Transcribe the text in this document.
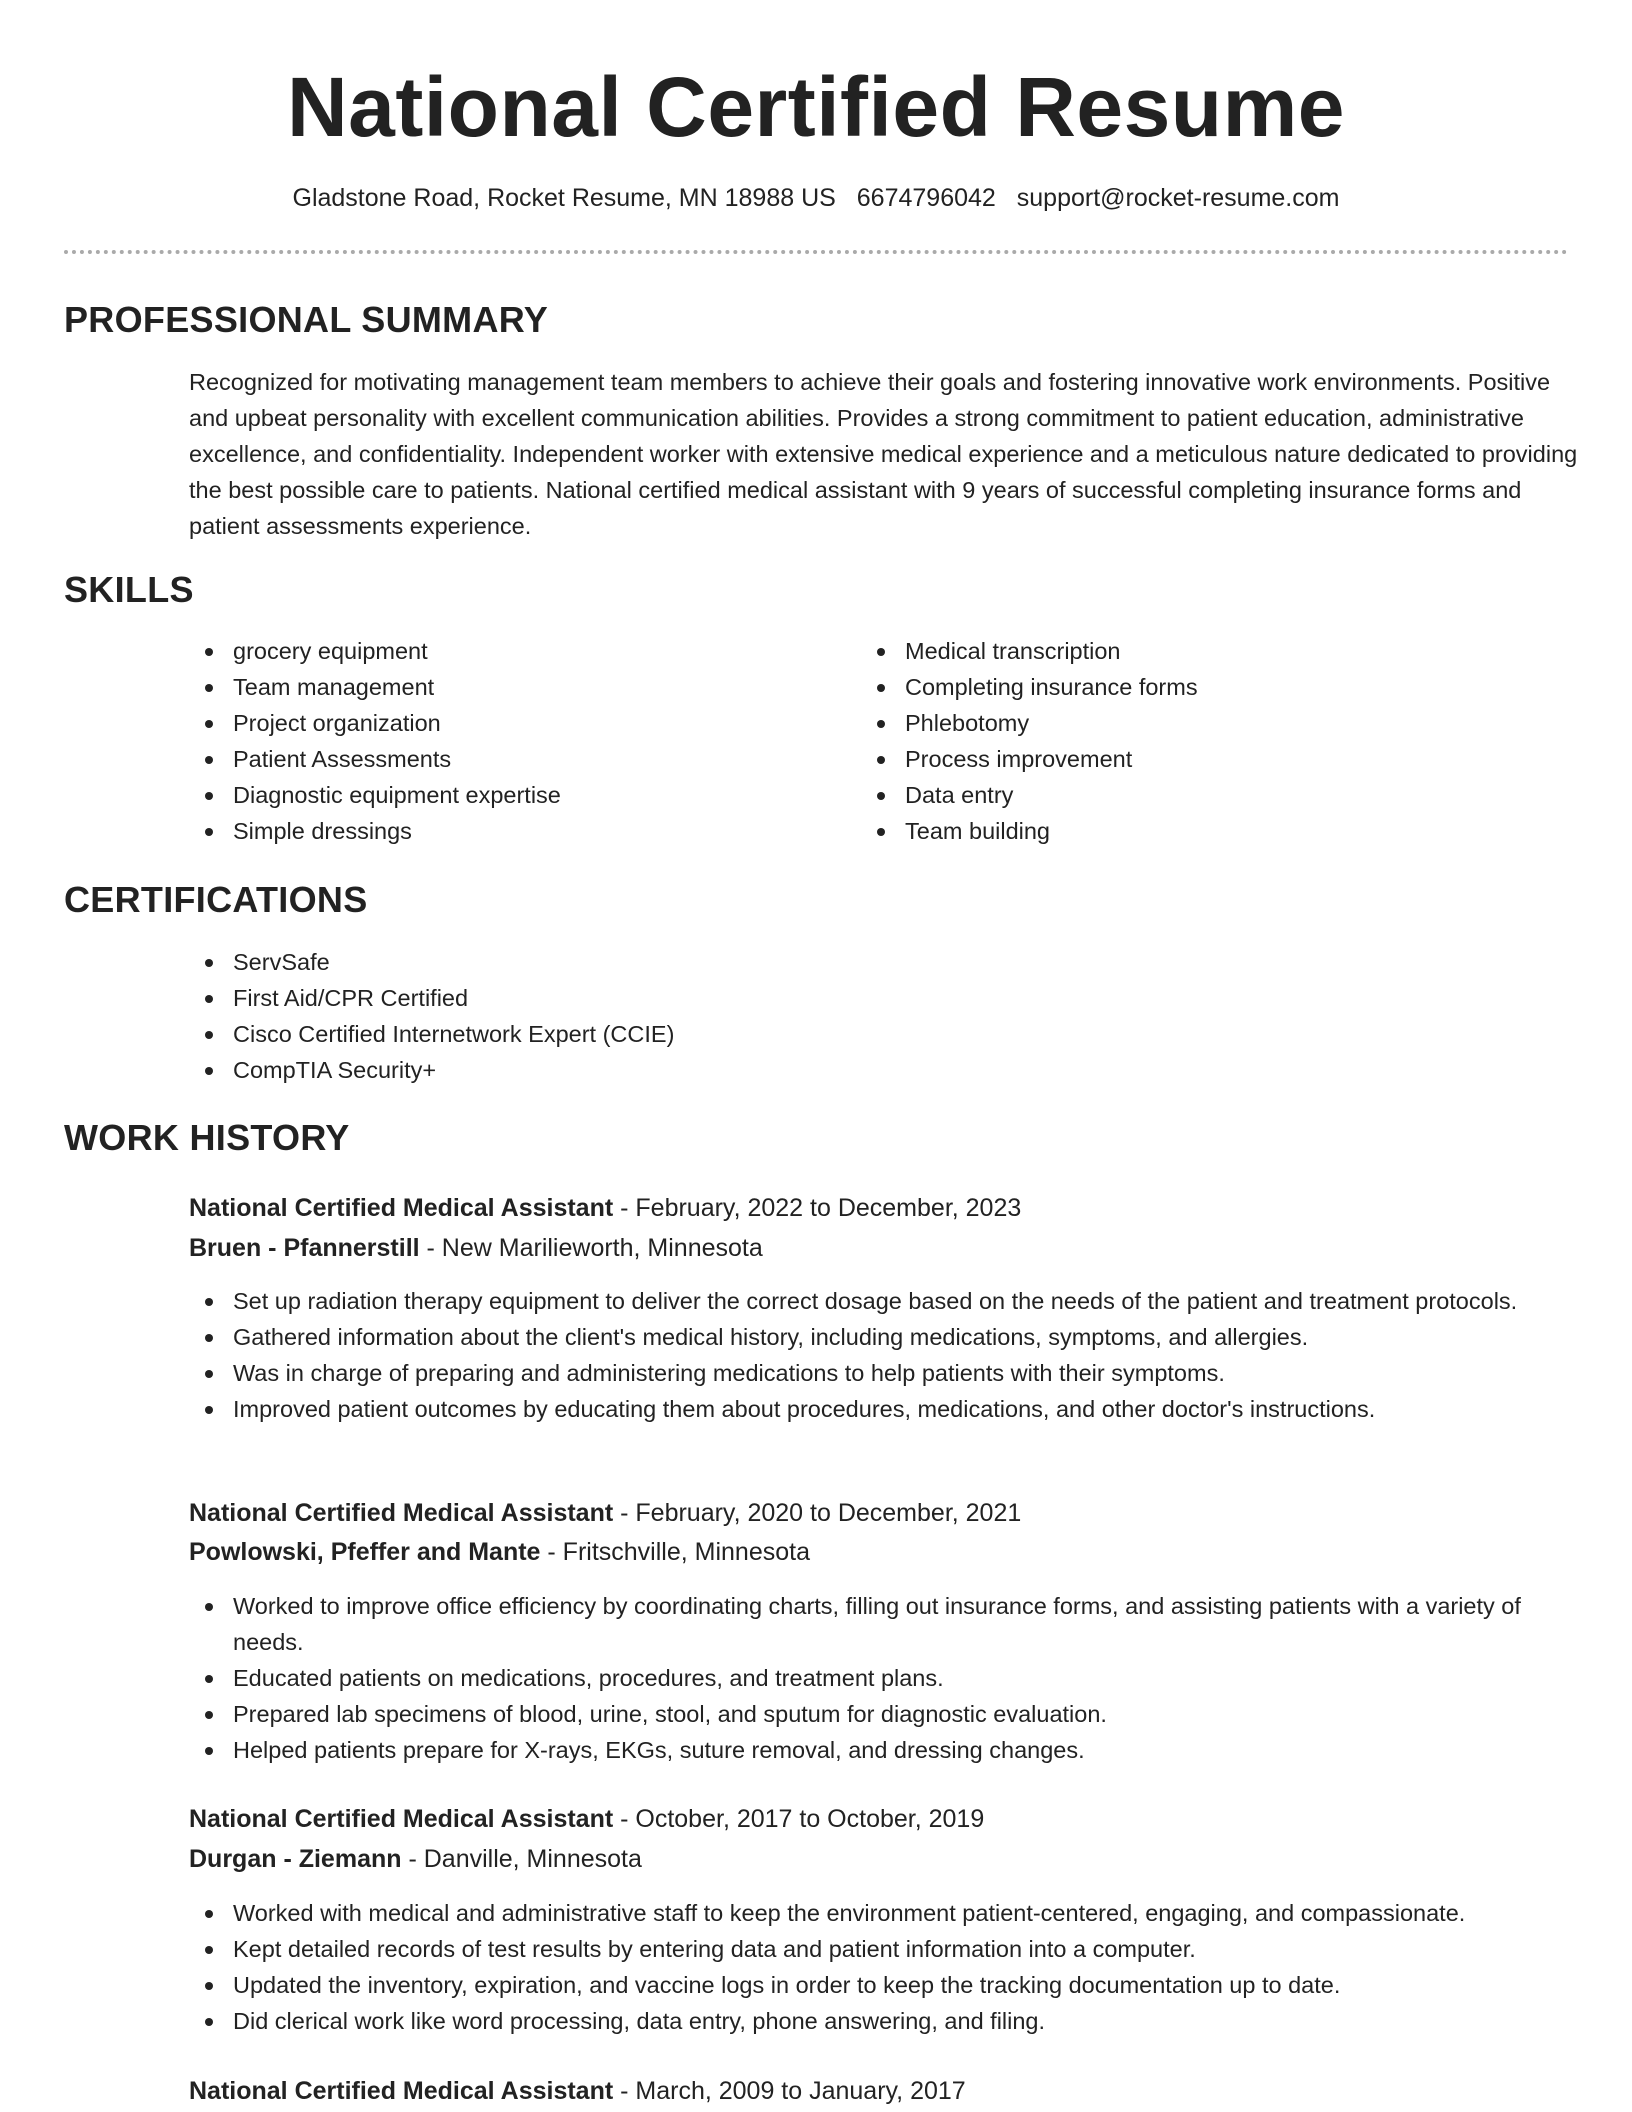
National Certified Resume
Gladstone Road, Rocket Resume, MN 18988 US 6674796042 support@rocket-resume.com
PROFESSIONAL SUMMARY
Recognized for motivating management team members to achieve their goals and fostering innovative work environments. Positive and upbeat personality with excellent communication abilities. Provides a strong commitment to patient education, administrative excellence, and confidentiality. Independent worker with extensive medical experience and a meticulous nature dedicated to providing the best possible care to patients. National certified medical assistant with 9 years of successful completing insurance forms and patient assessments experience.
SKILLS
grocery equipment
Team management
Project organization
Patient Assessments
Diagnostic equipment expertise
Simple dressings
Medical transcription
Completing insurance forms
Phlebotomy
Process improvement
Data entry
Team building
CERTIFICATIONS
ServSafe
First Aid/CPR Certified
Cisco Certified Internetwork Expert (CCIE)
CompTIA Security+
WORK HISTORY
National Certified Medical Assistant - February, 2022 to December, 2023
Bruen - Pfannerstill - New Marilieworth, Minnesota
Set up radiation therapy equipment to deliver the correct dosage based on the needs of the patient and treatment protocols.
Gathered information about the client's medical history, including medications, symptoms, and allergies.
Was in charge of preparing and administering medications to help patients with their symptoms.
Improved patient outcomes by educating them about procedures, medications, and other doctor's instructions.
National Certified Medical Assistant - February, 2020 to December, 2021
Powlowski, Pfeffer and Mante - Fritschville, Minnesota
Worked to improve office efficiency by coordinating charts, filling out insurance forms, and assisting patients with a variety of needs.
Educated patients on medications, procedures, and treatment plans.
Prepared lab specimens of blood, urine, stool, and sputum for diagnostic evaluation.
Helped patients prepare for X-rays, EKGs, suture removal, and dressing changes.
National Certified Medical Assistant - October, 2017 to October, 2019
Durgan - Ziemann - Danville, Minnesota
Worked with medical and administrative staff to keep the environment patient-centered, engaging, and compassionate.
Kept detailed records of test results by entering data and patient information into a computer.
Updated the inventory, expiration, and vaccine logs in order to keep the tracking documentation up to date.
Did clerical work like word processing, data entry, phone answering, and filing.
National Certified Medical Assistant - March, 2009 to January, 2017
